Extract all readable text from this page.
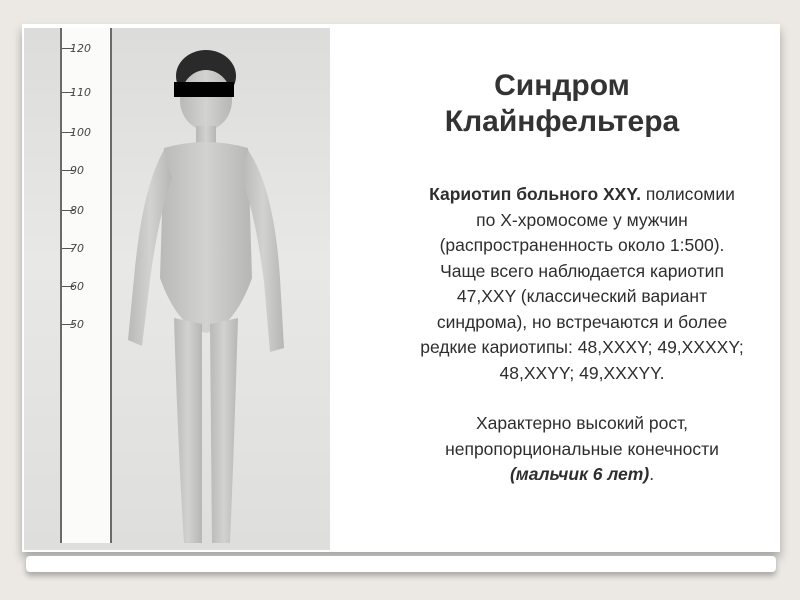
120
110
100
90
80
70
60
50
Синдром
Клайнфельтера

Кариотип больного XXY. полисомии

по X-хромосоме у мужчин

(распространенность около 1:500).

Чаще всего наблюдается кариотип

47,XXY (классический вариант

синдрома), но встречаются и более

редкие кариотипы: 48,XXXY; 49,XXXXY;

48,XXYY; 49,XXXYY.

Характерно высокий рост,

непропорциональные конечности

(мальчик 6 лет).
